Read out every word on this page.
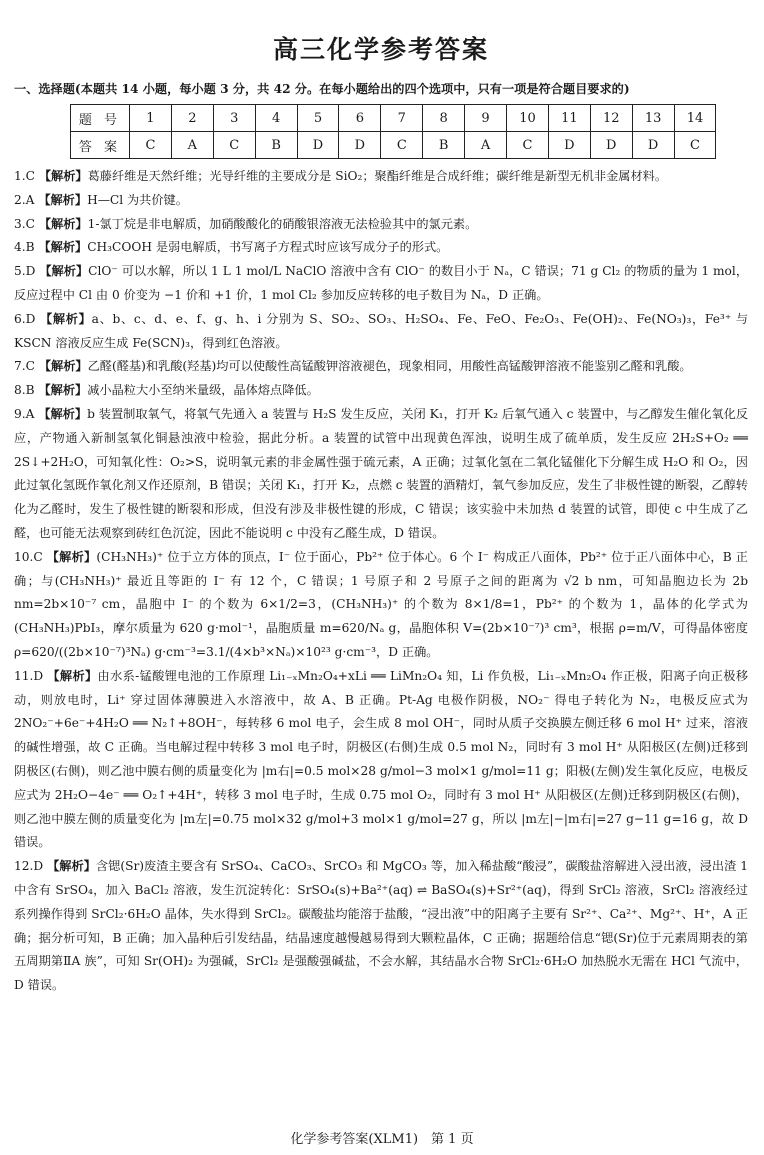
高三化学参考答案
一、选择题(本题共 14 小题，每小题 3 分，共 42 分。在每小题给出的四个选项中，只有一项是符合题目要求的)
题 号	1	2	3	4	5	6	7	8	9	10	11	12	13	14
答 案	C	A	C	B	D	D	C	B	A	C	D	D	D	C
1.C 【解析】葛藤纤维是天然纤维；光导纤维的主要成分是 SiO₂；聚酯纤维是合成纤维；碳纤维是新型无机非金属材料。
2.A 【解析】H—Cl 为共价键。
3.C 【解析】1-氯丁烷是非电解质，加硝酸酸化的硝酸银溶液无法检验其中的氯元素。
4.B 【解析】CH₃COOH 是弱电解质，书写离子方程式时应该写成分子的形式。
5.D 【解析】ClO⁻ 可以水解，所以 1 L 1 mol/L NaClO 溶液中含有 ClO⁻ 的数目小于 Nₐ，C 错误；71 g Cl₂ 的物质的量为 1 mol，反应过程中 Cl 由 0 价变为 −1 价和 +1 价，1 mol Cl₂ 参加反应转移的电子数目为 Nₐ，D 正确。
6.D 【解析】a、b、c、d、e、f、g、h、i 分别为 S、SO₂、SO₃、H₂SO₄、Fe、FeO、Fe₂O₃、Fe(OH)₂、Fe(NO₃)₃，Fe³⁺ 与 KSCN 溶液反应生成 Fe(SCN)₃，得到红色溶液。
7.C 【解析】乙醛(醛基)和乳酸(羟基)均可以使酸性高锰酸钾溶液褪色，现象相同，用酸性高锰酸钾溶液不能鉴别乙醛和乳酸。
8.B 【解析】减小晶粒大小至纳米量级，晶体熔点降低。
9.A 【解析】b 装置制取氧气，将氧气先通入 a 装置与 H₂S 发生反应，关闭 K₁，打开 K₂ 后氧气通入 c 装置中，与乙醇发生催化氧化反应，产物通入新制氢氧化铜悬浊液中检验，据此分析。a 装置的试管中出现黄色浑浊，说明生成了硫单质，发生反应 2H₂S+O₂ ══ 2S↓+2H₂O，可知氧化性：O₂>S，说明氧元素的非金属性强于硫元素，A 正确；过氧化氢在二氧化锰催化下分解生成 H₂O 和 O₂，因此过氧化氢既作氧化剂又作还原剂，B 错误；关闭 K₁，打开 K₂，点燃 c 装置的酒精灯，氧气参加反应，发生了非极性键的断裂，乙醇转化为乙醛时，发生了极性键的断裂和形成，但没有涉及非极性键的形成，C 错误；该实验中未加热 d 装置的试管，即使 c 中生成了乙醛，也可能无法观察到砖红色沉淀，因此不能说明 c 中没有乙醛生成，D 错误。
10.C 【解析】(CH₃NH₃)⁺ 位于立方体的顶点，I⁻ 位于面心，Pb²⁺ 位于体心。6 个 I⁻ 构成正八面体，Pb²⁺ 位于正八面体中心，B 正确；与(CH₃NH₃)⁺ 最近且等距的 I⁻ 有 12 个，C 错误；1 号原子和 2 号原子之间的距离为 √2 b nm，可知晶胞边长为 2b nm=2b×10⁻⁷ cm，晶胞中 I⁻ 的个数为 6×1/2=3，(CH₃NH₃)⁺ 的个数为 8×1/8=1，Pb²⁺ 的个数为 1，晶体的化学式为(CH₃NH₃)PbI₃，摩尔质量为 620 g·mol⁻¹，晶胞质量 m=620/Nₐ g，晶胞体积 V=(2b×10⁻⁷)³ cm³，根据 ρ=m/V，可得晶体密度 ρ=620/((2b×10⁻⁷)³Nₐ) g·cm⁻³=3.1/(4×b³×Nₐ)×10²³ g·cm⁻³，D 正确。
11.D 【解析】由水系-锰酸锂电池的工作原理 Li₁₋ₓMn₂O₄+xLi ══ LiMn₂O₄ 知，Li 作负极，Li₁₋ₓMn₂O₄ 作正极，阳离子向正极移动，则放电时，Li⁺ 穿过固体薄膜进入水溶液中，故 A、B 正确。Pt-Ag 电极作阴极，NO₂⁻ 得电子转化为 N₂，电极反应式为 2NO₂⁻+6e⁻+4H₂O ══ N₂↑+8OH⁻，每转移 6 mol 电子，会生成 8 mol OH⁻，同时从质子交换膜左侧迁移 6 mol H⁺ 过来，溶液的碱性增强，故 C 正确。当电解过程中转移 3 mol 电子时，阴极区(右侧)生成 0.5 mol N₂，同时有 3 mol H⁺ 从阳极区(左侧)迁移到阴极区(右侧)，则乙池中膜右侧的质量变化为 |m右|=0.5 mol×28 g/mol−3 mol×1 g/mol=11 g；阳极(左侧)发生氧化反应，电极反应式为 2H₂O−4e⁻ ══ O₂↑+4H⁺，转移 3 mol 电子时，生成 0.75 mol O₂，同时有 3 mol H⁺ 从阳极区(左侧)迁移到阴极区(右侧)，则乙池中膜左侧的质量变化为 |m左|=0.75 mol×32 g/mol+3 mol×1 g/mol=27 g，所以 |m左|−|m右|=27 g−11 g=16 g，故 D 错误。
12.D 【解析】含锶(Sr)废渣主要含有 SrSO₄、CaCO₃、SrCO₃ 和 MgCO₃ 等，加入稀盐酸“酸浸”，碳酸盐溶解进入浸出液，浸出渣 1 中含有 SrSO₄，加入 BaCl₂ 溶液，发生沉淀转化：SrSO₄(s)+Ba²⁺(aq) ⇌ BaSO₄(s)+Sr²⁺(aq)，得到 SrCl₂ 溶液，SrCl₂ 溶液经过系列操作得到 SrCl₂·6H₂O 晶体，失水得到 SrCl₂。碳酸盐均能溶于盐酸，“浸出液”中的阳离子主要有 Sr²⁺、Ca²⁺、Mg²⁺、H⁺，A 正确；据分析可知，B 正确；加入晶种后引发结晶，结晶速度越慢越易得到大颗粒晶体，C 正确；据题给信息“锶(Sr)位于元素周期表的第五周期第ⅡA 族”，可知 Sr(OH)₂ 为强碱，SrCl₂ 是强酸强碱盐，不会水解，其结晶水合物 SrCl₂·6H₂O 加热脱水无需在 HCl 气流中，D 错误。
化学参考答案(XLM1)　第 1 页
